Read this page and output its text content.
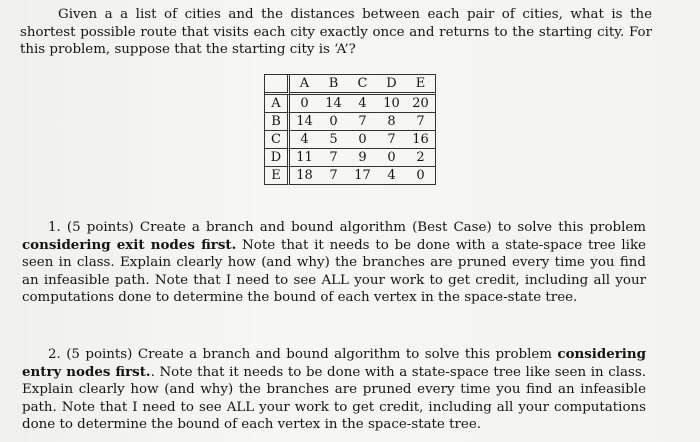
Given a a list of cities and the distances between each pair of cities, what is the shortest possible route that visits each city exactly once and returns to the starting city. For this problem, suppose that the starting city is ‘A’?

	A	B	C	D	E
A	0	14	4	10	20
B	14	0	7	8	7
C	4	5	0	7	16
D	11	7	9	0	2
E	18	7	17	4	0

1. (5 points) Create a branch and bound algorithm (Best Case) to solve this problem considering exit nodes first. Note that it needs to be done with a state-space tree like seen in class. Explain clearly how (and why) the branches are pruned every time you find an infeasible path. Note that I need to see ALL your work to get credit, including all your computations done to determine the bound of each vertex in the space-state tree.

2. (5 points) Create a branch and bound algorithm to solve this problem considering entry nodes first.. Note that it needs to be done with a state-space tree like seen in class. Explain clearly how (and why) the branches are pruned every time you find an infeasible path. Note that I need to see ALL your work to get credit, including all your computations done to determine the bound of each vertex in the space-state tree.
